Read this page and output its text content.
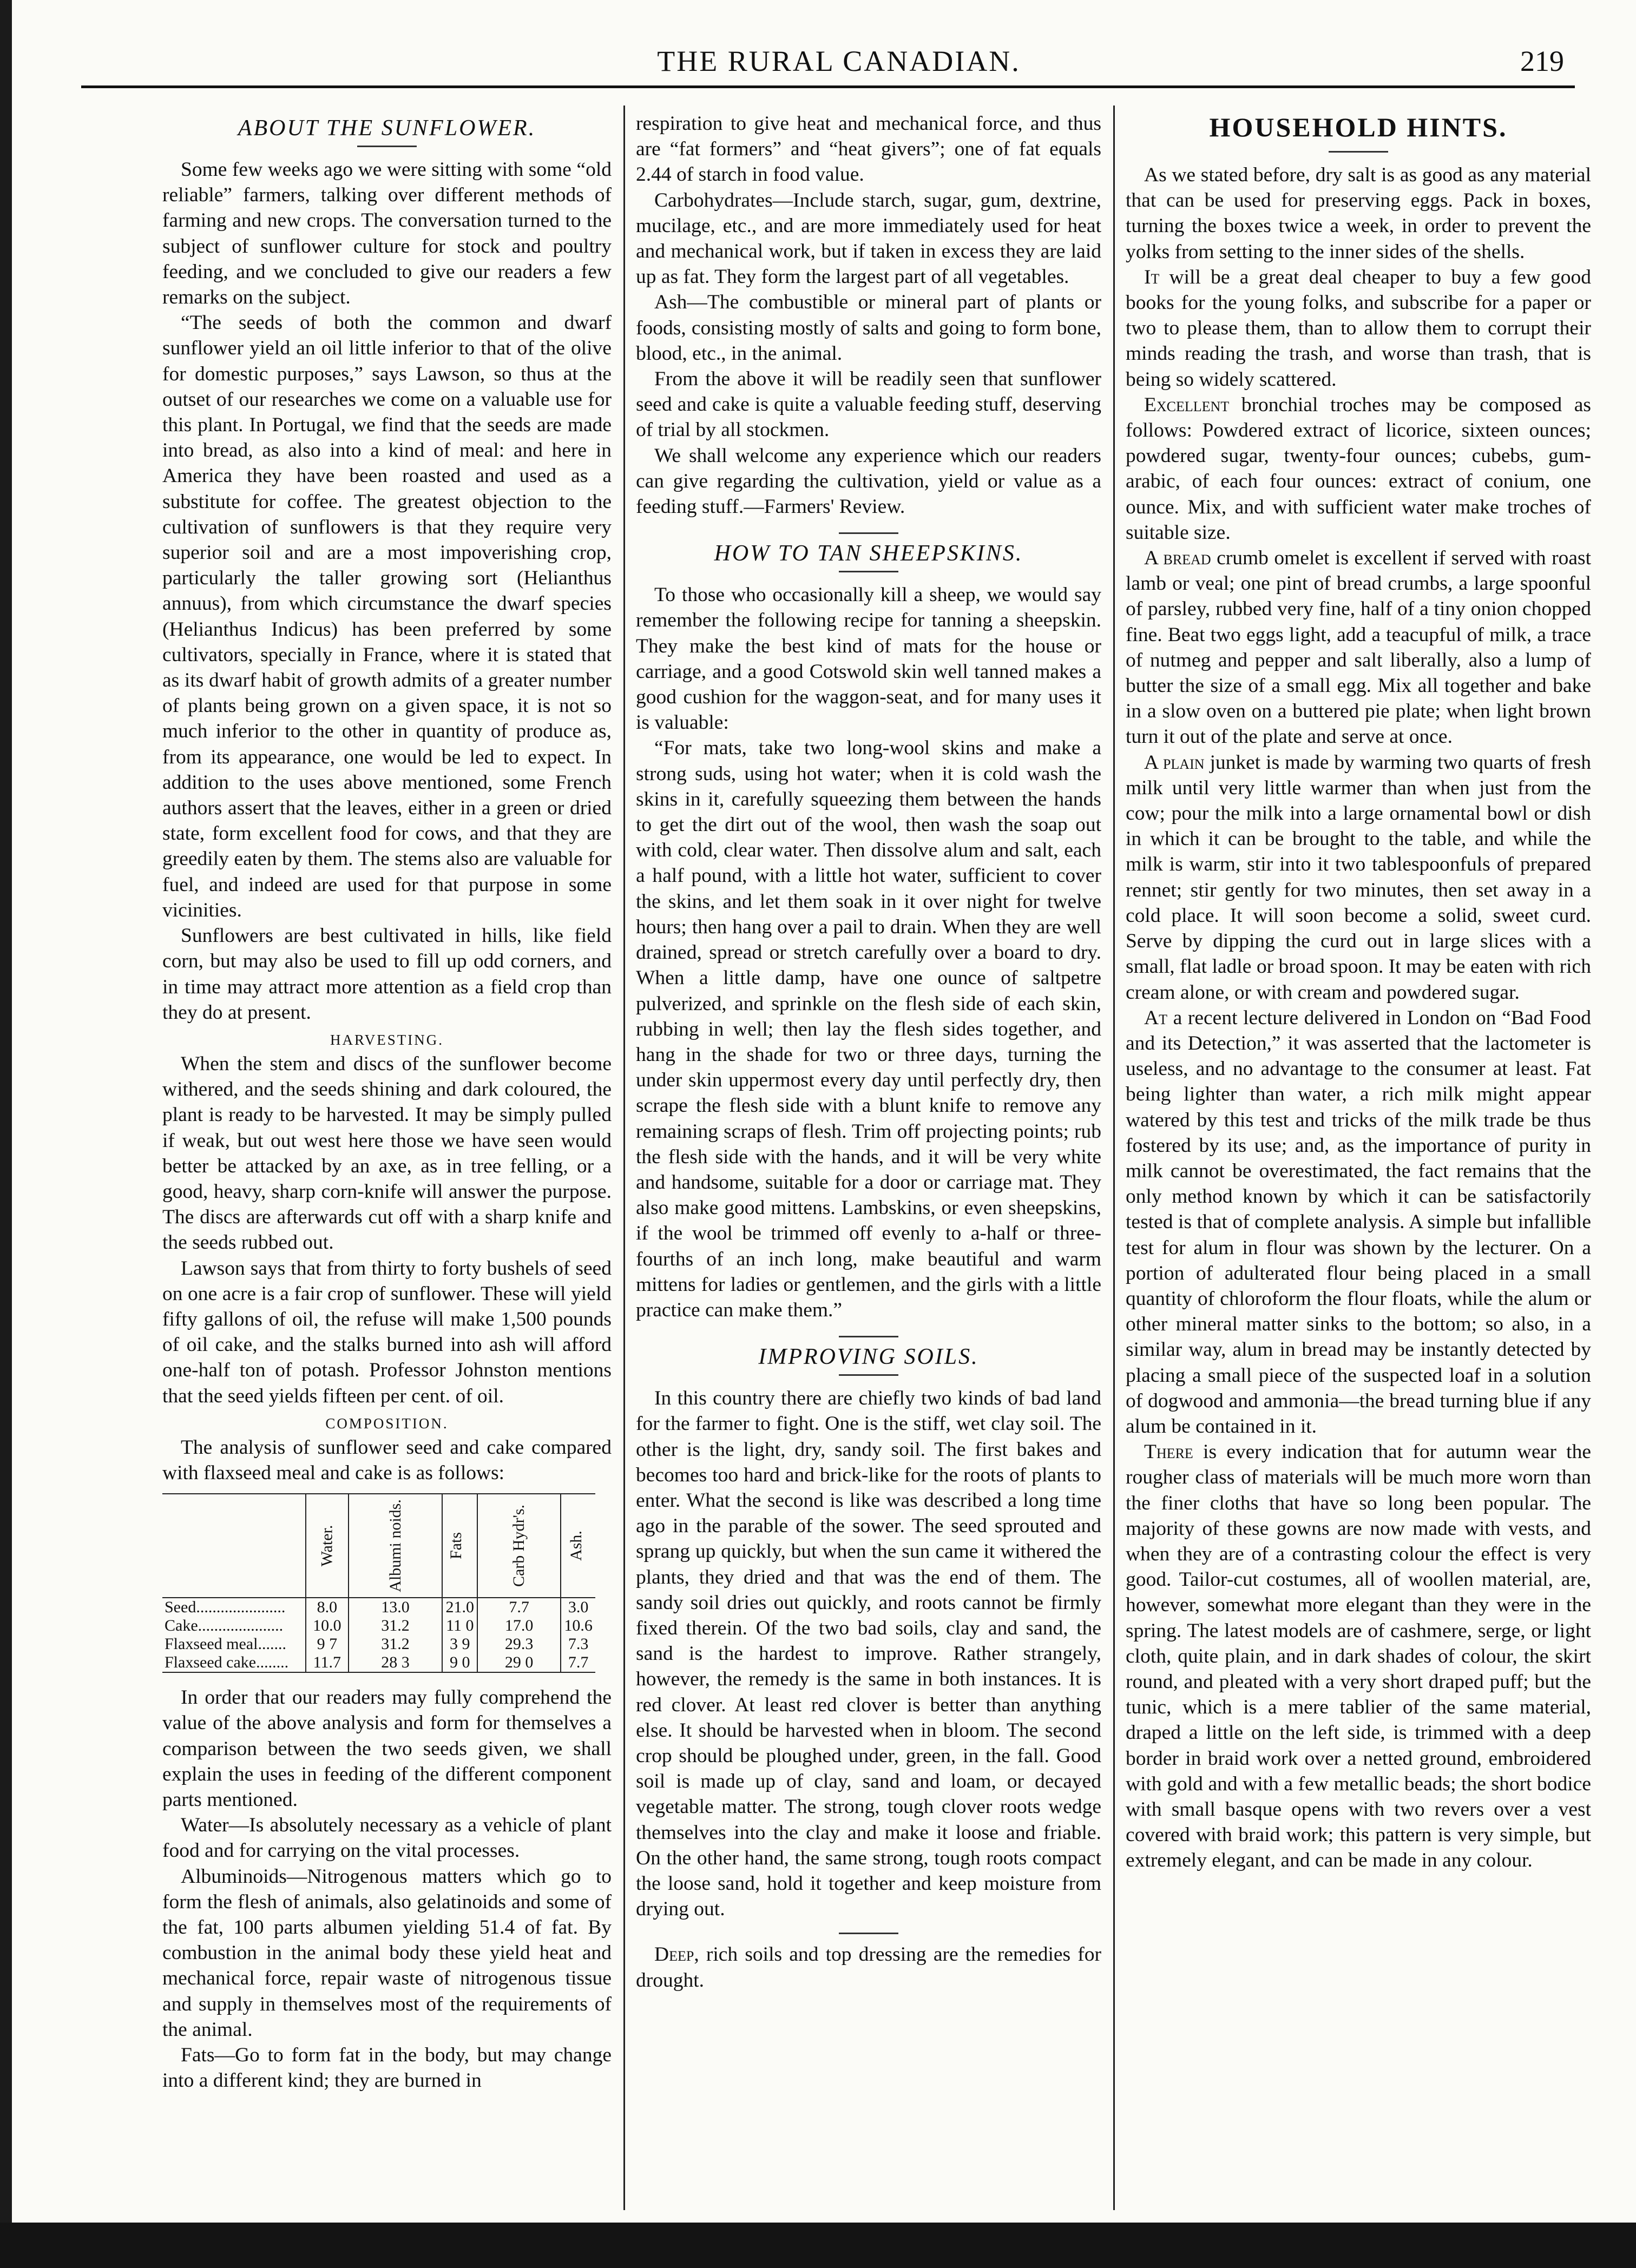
THE RURAL CANADIAN.	219
ABOUT THE SUNFLOWER.

Some few weeks ago we were sitting with some “old reliable” farmers, talking over different methods of farming and new crops. The conversation turned to the subject of sunflower culture for stock and poultry feeding, and we concluded to give our readers a few remarks on the subject.

“The seeds of both the common and dwarf sunflower yield an oil little inferior to that of the olive for domestic purposes,” says Lawson, so thus at the outset of our researches we come on a valuable use for this plant. In Portugal, we find that the seeds are made into bread, as also into a kind of meal: and here in America they have been roasted and used as a substitute for coffee. The greatest objection to the cultivation of sunflowers is that they require very superior soil and are a most impoverishing crop, particularly the taller growing sort (Helianthus annuus), from which circumstance the dwarf species (Helianthus Indicus) has been preferred by some cultivators, specially in France, where it is stated that as its dwarf habit of growth admits of a greater number of plants being grown on a given space, it is not so much inferior to the other in quantity of produce as, from its appearance, one would be led to expect. In addition to the uses above mentioned, some French authors assert that the leaves, either in a green or dried state, form excellent food for cows, and that they are greedily eaten by them. The stems also are valuable for fuel, and indeed are used for that purpose in some vicinities.

Sunflowers are best cultivated in hills, like field corn, but may also be used to fill up odd corners, and in time may attract more attention as a field crop than they do at present.

HARVESTING.

When the stem and discs of the sunflower become withered, and the seeds shining and dark coloured, the plant is ready to be harvested. It may be simply pulled if weak, but out west here those we have seen would better be attacked by an axe, as in tree felling, or a good, heavy, sharp corn-knife will answer the purpose. The discs are afterwards cut off with a sharp knife and the seeds rubbed out.

Lawson says that from thirty to forty bushels of seed on one acre is a fair crop of sunflower. These will yield fifty gallons of oil, the refuse will make 1,500 pounds of oil cake, and the stalks burned into ash will afford one-half ton of potash. Professor Johnston mentions that the seed yields fifteen per cent. of oil.

COMPOSITION.

The analysis of sunflower seed and cake compared with flaxseed meal and cake is as follows:

	Water.	Albumi noids.	Fats	Carb Hydr's.	Ash.
Seed......................	8.0	13.0	21.0	7.7	3.0
Cake.....................	10.0	31.2	11 0	17.0	10.6
Flaxseed meal.......	9 7	31.2	3 9	29.3	7.3
Flaxseed cake........	11.7	28 3	9 0	29 0	7.7

In order that our readers may fully comprehend the value of the above analysis and form for themselves a comparison between the two seeds given, we shall explain the uses in feeding of the different component parts mentioned.

Water—Is absolutely necessary as a vehicle of plant food and for carrying on the vital processes.

Albuminoids—Nitrogenous matters which go to form the flesh of animals, also gelatinoids and some of the fat, 100 parts albumen yielding 51.4 of fat. By combustion in the animal body these yield heat and mechanical force, repair waste of nitrogenous tissue and supply in themselves most of the requirements of the animal.

Fats—Go to form fat in the body, but may change into a different kind; they are burned in

respiration to give heat and mechanical force, and thus are “fat formers” and “heat givers”; one of fat equals 2.44 of starch in food value.

Carbohydrates—Include starch, sugar, gum, dextrine, mucilage, etc., and are more immediately used for heat and mechanical work, but if taken in excess they are laid up as fat. They form the largest part of all vegetables.

Ash—The combustible or mineral part of plants or foods, consisting mostly of salts and going to form bone, blood, etc., in the animal.

From the above it will be readily seen that sunflower seed and cake is quite a valuable feeding stuff, deserving of trial by all stockmen.

We shall welcome any experience which our readers can give regarding the cultivation, yield or value as a feeding stuff.—Farmers' Review.

HOW TO TAN SHEEPSKINS.

To those who occasionally kill a sheep, we would say remember the following recipe for tanning a sheepskin. They make the best kind of mats for the house or carriage, and a good Cotswold skin well tanned makes a good cushion for the waggon-seat, and for many uses it is valuable:

“For mats, take two long-wool skins and make a strong suds, using hot water; when it is cold wash the skins in it, carefully squeezing them between the hands to get the dirt out of the wool, then wash the soap out with cold, clear water. Then dissolve alum and salt, each a half pound, with a little hot water, sufficient to cover the skins, and let them soak in it over night for twelve hours; then hang over a pail to drain. When they are well drained, spread or stretch carefully over a board to dry. When a little damp, have one ounce of saltpetre pulverized, and sprinkle on the flesh side of each skin, rubbing in well; then lay the flesh sides together, and hang in the shade for two or three days, turning the under skin uppermost every day until perfectly dry, then scrape the flesh side with a blunt knife to remove any remaining scraps of flesh. Trim off projecting points; rub the flesh side with the hands, and it will be very white and handsome, suitable for a door or carriage mat. They also make good mittens. Lambskins, or even sheepskins, if the wool be trimmed off evenly to a-half or three-fourths of an inch long, make beautiful and warm mittens for ladies or gentlemen, and the girls with a little practice can make them.”

IMPROVING SOILS.

In this country there are chiefly two kinds of bad land for the farmer to fight. One is the stiff, wet clay soil. The other is the light, dry, sandy soil. The first bakes and becomes too hard and brick-like for the roots of plants to enter. What the second is like was described a long time ago in the parable of the sower. The seed sprouted and sprang up quickly, but when the sun came it withered the plants, they dried and that was the end of them. The sandy soil dries out quickly, and roots cannot be firmly fixed therein. Of the two bad soils, clay and sand, the sand is the hardest to improve. Rather strangely, however, the remedy is the same in both instances. It is red clover. At least red clover is better than anything else. It should be harvested when in bloom. The second crop should be ploughed under, green, in the fall. Good soil is made up of clay, sand and loam, or decayed vegetable matter. The strong, tough clover roots wedge themselves into the clay and make it loose and friable. On the other hand, the same strong, tough roots compact the loose sand, hold it together and keep moisture from drying out.

Deep, rich soils and top dressing are the remedies for drought.

HOUSEHOLD HINTS.

As we stated before, dry salt is as good as any material that can be used for preserving eggs. Pack in boxes, turning the boxes twice a week, in order to prevent the yolks from setting to the inner sides of the shells.

It will be a great deal cheaper to buy a few good books for the young folks, and subscribe for a paper or two to please them, than to allow them to corrupt their minds reading the trash, and worse than trash, that is being so widely scattered.

Excellent bronchial troches may be composed as follows: Powdered extract of licorice, sixteen ounces; powdered sugar, twenty-four ounces; cubebs, gum-arabic, of each four ounces: extract of conium, one ounce. Mix, and with sufficient water make troches of suitable size.

A bread crumb omelet is excellent if served with roast lamb or veal; one pint of bread crumbs, a large spoonful of parsley, rubbed very fine, half of a tiny onion chopped fine. Beat two eggs light, add a teacupful of milk, a trace of nutmeg and pepper and salt liberally, also a lump of butter the size of a small egg. Mix all together and bake in a slow oven on a buttered pie plate; when light brown turn it out of the plate and serve at once.

A plain junket is made by warming two quarts of fresh milk until very little warmer than when just from the cow; pour the milk into a large ornamental bowl or dish in which it can be brought to the table, and while the milk is warm, stir into it two tablespoonfuls of prepared rennet; stir gently for two minutes, then set away in a cold place. It will soon become a solid, sweet curd. Serve by dipping the curd out in large slices with a small, flat ladle or broad spoon. It may be eaten with rich cream alone, or with cream and powdered sugar.

At a recent lecture delivered in London on “Bad Food and its Detection,” it was asserted that the lactometer is useless, and no advantage to the consumer at least. Fat being lighter than water, a rich milk might appear watered by this test and tricks of the milk trade be thus fostered by its use; and, as the importance of purity in milk cannot be overestimated, the fact remains that the only method known by which it can be satisfactorily tested is that of complete analysis. A simple but infallible test for alum in flour was shown by the lecturer. On a portion of adulterated flour being placed in a small quantity of chloroform the flour floats, while the alum or other mineral matter sinks to the bottom; so also, in a similar way, alum in bread may be instantly detected by placing a small piece of the suspected loaf in a solution of dogwood and ammonia—the bread turning blue if any alum be contained in it.

There is every indication that for autumn wear the rougher class of materials will be much more worn than the finer cloths that have so long been popular. The majority of these gowns are now made with vests, and when they are of a contrasting colour the effect is very good. Tailor-cut costumes, all of woollen material, are, however, somewhat more elegant than they were in the spring. The latest models are of cashmere, serge, or light cloth, quite plain, and in dark shades of colour, the skirt round, and pleated with a very short draped puff; but the tunic, which is a mere tablier of the same material, draped a little on the left side, is trimmed with a deep border in braid work over a netted ground, embroidered with gold and with a few metallic beads; the short bodice with small basque opens with two revers over a vest covered with braid work; this pattern is very simple, but extremely elegant, and can be made in any colour.
